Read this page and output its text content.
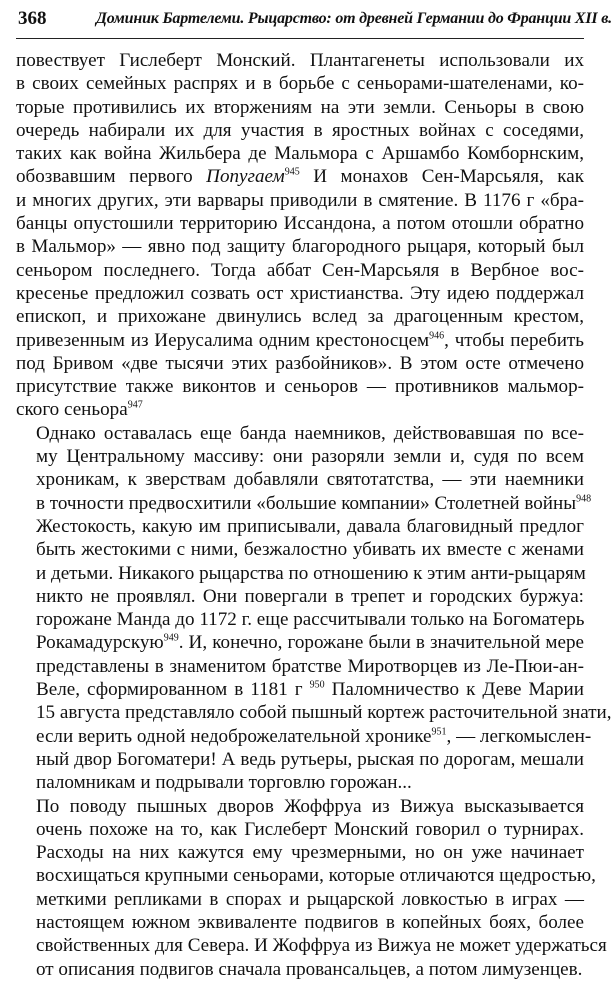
368	Доминик Бартелеми. Рыцарство: от древней Германии до Франции XII в.

повествует Гислеберт Монский. Плантагенеты использовали их
в своих семейных распрях и в борьбе с сеньорами-шателенами, ко-
торые противились их вторжениям на эти земли. Сеньоры в свою
очередь набирали их для участия в яростных войнах с соседями,
таких как война Жильбера де Мальмора с Аршамбо Комборнским,
обозвавшим первого Попугаем$^{945}$ И монахов Сен-Марсьяля, как
и многих других, эти варвары приводили в смятение. В 1176 г «бра-
банцы опустошили территорию Иссандона, а потом отошли обратно
в Мальмор» — явно под защиту благородного рыцаря, который был
сеньором последнего. Тогда аббат Сен-Марсьяля в Вербное вос-
кресенье предложил созвать ост христианства. Эту идею поддержал
епископ, и прихожане двинулись вслед за драгоценным крестом,
привезенным из Иерусалима одним крестоносцем$^{946}$, чтобы перебить
под Бривом «две тысячи этих разбойников». В этом осте отмечено
присутствие также виконтов и сеньоров — противников мальмор-
ского сеньора$^{947}$

Однако оставалась еще банда наемников, действовавшая по все-
му Центральному массиву: они разоряли земли и, судя по всем
хроникам, к зверствам добавляли святотатства, — эти наемники
в точности предвосхитили «большие компании» Столетней войны$^{948}$
Жестокость, какую им приписывали, давала благовидный предлог
быть жестокими с ними, безжалостно убивать их вместе с женами
и детьми. Никакого рыцарства по отношению к этим анти-рыцарям
никто не проявлял. Они повергали в трепет и городских буржуа:
горожане Манда до 1172 г. еще рассчитывали только на Богоматерь
Рокамадурскую$^{949}$. И, конечно, горожане были в значительной мере
представлены в знаменитом братстве Миротворцев из Ле-Пюи-ан-
Веле, сформированном в 1181 г $^{950}$ Паломничество к Деве Марии
15 августа представляло собой пышный кортеж расточительной знати,
если верить одной недоброжелательной хронике$^{951}$, — легкомыслен-
ный двор Богоматери! А ведь рутьеры, рыская по дорогам, мешали
паломникам и подрывали торговлю горожан...

По поводу пышных дворов Жоффруа из Вижуа высказывается
очень похоже на то, как Гислеберт Монский говорил о турнирах.
Расходы на них кажутся ему чрезмерными, но он уже начинает
восхищаться крупными сеньорами, которые отличаются щедростью,
меткими репликами в спорах и рыцарской ловкостью в играх —
настоящем южном эквиваленте подвигов в копейных боях, более
свойственных для Севера. И Жоффруа из Вижуа не может удержаться
от описания подвигов сначала провансальцев, а потом лимузенцев.
